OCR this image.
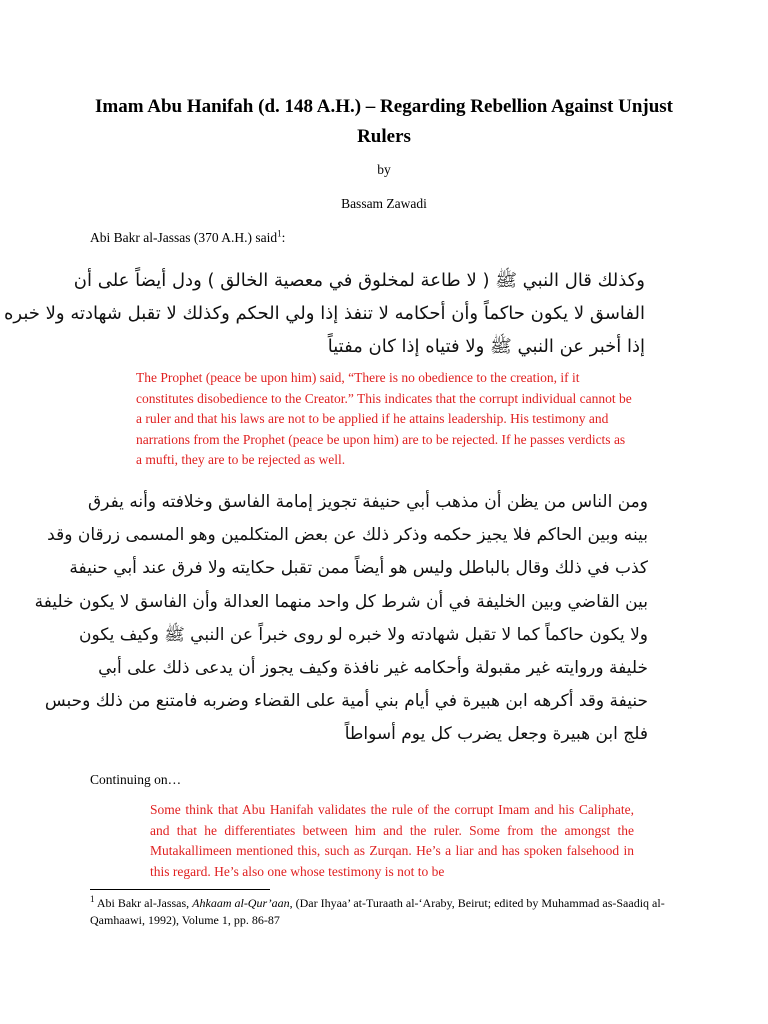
Imam Abu Hanifah (d. 148 A.H.) – Regarding Rebellion Against Unjust Rulers
by
Bassam Zawadi
Abi Bakr al-Jassas (370 A.H.) said$^1$:
وكذلك قال النبي ﷺ ( لا طاعة لمخلوق في معصية الخالق ) ودل أيضاً على أن
الفاسق لا يكون حاكماً وأن أحكامه لا تنفذ إذا ولي الحكم وكذلك لا تقبل شهادته ولا خبره
إذا أخبر عن النبي ﷺ ولا فتياه إذا كان مفتياً
The Prophet (peace be upon him) said, “There is no obedience to the creation, if it constitutes disobedience to the Creator.” This indicates that the corrupt individual cannot be a ruler and that his laws are not to be applied if he attains leadership. His testimony and narrations from the Prophet (peace be upon him) are to be rejected. If he passes verdicts as a mufti, they are to be rejected as well.
ومن الناس من يظن أن مذهب أبي حنيفة تجويز إمامة الفاسق وخلافته وأنه يفرق
بينه وبين الحاكم فلا يجيز حكمه وذكر ذلك عن بعض المتكلمين وهو المسمى زرقان وقد
كذب في ذلك وقال بالباطل وليس هو أيضاً ممن تقبل حكايته ولا فرق عند أبي حنيفة
بين القاضي وبين الخليفة في أن شرط كل واحد منهما العدالة وأن الفاسق لا يكون خليفة
ولا يكون حاكماً كما لا تقبل شهادته ولا خبره لو روى خبراً عن النبي ﷺ وكيف يكون
خليفة وروايته غير مقبولة وأحكامه غير نافذة وكيف يجوز أن يدعى ذلك على أبي
حنيفة وقد أكرهه ابن هبيرة في أيام بني أمية على القضاء وضربه فامتنع من ذلك وحبس
فلج ابن هبيرة وجعل يضرب كل يوم أسواطاً
Continuing on…
Some think that Abu Hanifah validates the rule of the corrupt Imam and his Caliphate, and that he differentiates between him and the ruler. Some from the amongst the Mutakallimeen mentioned this, such as Zurqan. He’s a liar and has spoken falsehood in this regard. He’s also one whose testimony is not to be
$^1$ Abi Bakr al-Jassas, Ahkaam al-Qur’aan, (Dar Ihyaa’ at-Turaath al-‘Araby, Beirut; edited by Muhammad as-Saadiq al-Qamhaawi, 1992), Volume 1, pp. 86-87
